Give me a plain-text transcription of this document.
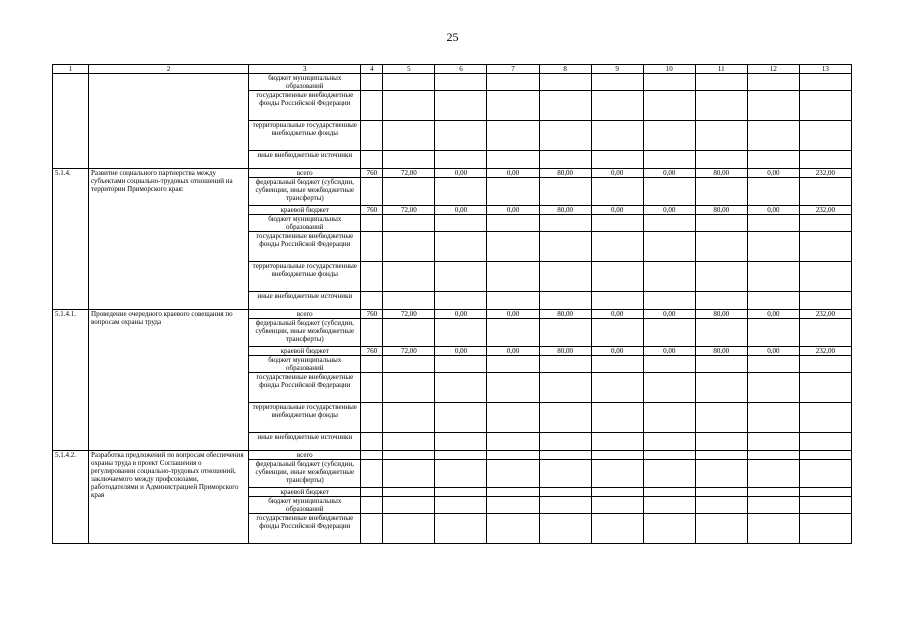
25
1	2	3	4	5	6	7	8	9	10	11	12	13
		бюджет муниципальных образований										
		государственные внебюджетные фонды Российской Федерации										
		территориальные государственные внебюджетные фонды										
		иные внебюджетные источники										
5.1.4.	Развитие социального партнерства между субъектами социально-трудовых отношений на территории Приморского края:	всего	760	72,00	0,00	0,00	80,00	0,00	0,00	80,00	0,00	232,00
		федеральный бюджет (субсидии, субвенции, иные межбюджетные трансферты)										
		краевой бюджет	760	72,00	0,00	0,00	80,00	0,00	0,00	80,00	0,00	232,00
		бюджет муниципальных образований										
		государственные внебюджетные фонды Российской Федерации										
		территориальные государственные внебюджетные фонды										
		иные внебюджетные источники										
5.1.4.1.	Проведение очередного краевого совещания по вопросам охраны труда	всего	760	72,00	0,00	0,00	80,00	0,00	0,00	80,00	0,00	232,00
		федеральный бюджет (субсидии, субвенции, иные межбюджетные трансферты)										
		краевой бюджет	760	72,00	0,00	0,00	80,00	0,00	0,00	80,00	0,00	232,00
		бюджет муниципальных образований										
		государственные внебюджетные фонды Российской Федерации										
		территориальные государственные внебюджетные фонды										
		иные внебюджетные источники										
5.1.4.2.	Разработка предложений по вопросам обеспечения охраны труда в проект Соглашения о регулировании социально-трудовых отношений, заключаемого между профсоюзами, работодателями и Администрацией Приморского края	всего										
		федеральный бюджет (субсидии, субвенции, иные межбюджетные трансферты)										
		краевой бюджет										
		бюджет муниципальных образований										
		государственные внебюджетные фонды Российской Федерации										
